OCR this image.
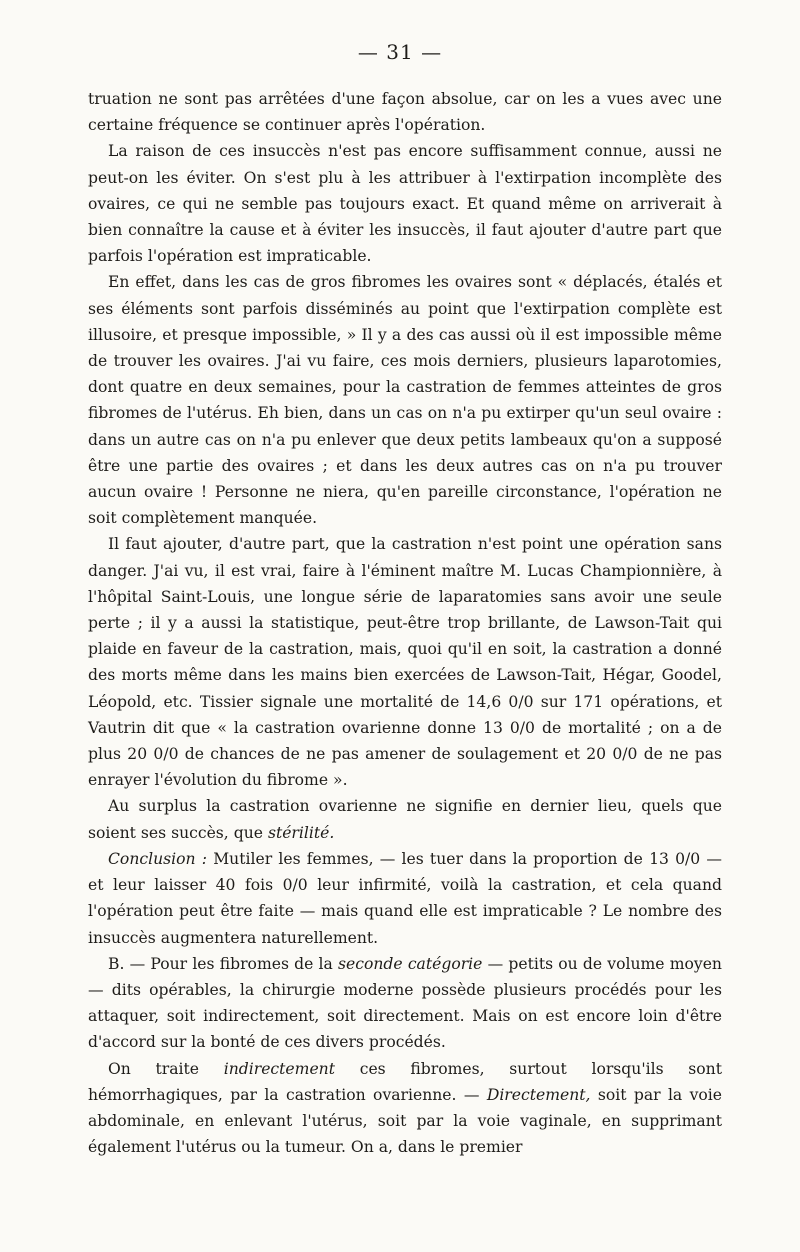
— 31 —

truation ne sont pas arrêtées d'une façon absolue, car on les a vues avec une certaine fréquence se continuer après l'opération.

La raison de ces insuccès n'est pas encore suffisamment connue, aussi ne peut-on les éviter. On s'est plu à les attribuer à l'extirpation incomplète des ovaires, ce qui ne semble pas toujours exact. Et quand même on arriverait à bien connaître la cause et à éviter les insuccès, il faut ajouter d'autre part que parfois l'opération est impraticable.

En effet, dans les cas de gros fibromes les ovaires sont « déplacés, étalés et ses éléments sont parfois disséminés au point que l'extirpation complète est illusoire, et presque impossible, » Il y a des cas aussi où il est impossible même de trouver les ovaires. J'ai vu faire, ces mois derniers, plusieurs laparotomies, dont quatre en deux semaines, pour la castration de femmes atteintes de gros fibromes de l'utérus. Eh bien, dans un cas on n'a pu extirper qu'un seul ovaire : dans un autre cas on n'a pu enlever que deux petits lambeaux qu'on a supposé être une partie des ovaires ; et dans les deux autres cas on n'a pu trouver aucun ovaire ! Personne ne niera, qu'en pareille circonstance, l'opération ne soit complètement manquée.

Il faut ajouter, d'autre part, que la castration n'est point une opération sans danger. J'ai vu, il est vrai, faire à l'éminent maître M. Lucas Championnière, à l'hôpital Saint-Louis, une longue série de laparatomies sans avoir une seule perte ; il y a aussi la statistique, peut-être trop brillante, de Lawson-Tait qui plaide en faveur de la castration, mais, quoi qu'il en soit, la castration a donné des morts même dans les mains bien exercées de Lawson-Tait, Hégar, Goodel, Léopold, etc. Tissier signale une mortalité de 14,6 0/0 sur 171 opérations, et Vautrin dit que « la castration ovarienne donne 13 0/0 de mortalité ; on a de plus 20 0/0 de chances de ne pas amener de soulagement et 20 0/0 de ne pas enrayer l'évolution du fibrome ».

Au surplus la castration ovarienne ne signifie en dernier lieu, quels que soient ses succès, que stérilité.

Conclusion : Mutiler les femmes, — les tuer dans la proportion de 13 0/0 — et leur laisser 40 fois 0/0 leur infirmité, voilà la castration, et cela quand l'opération peut être faite — mais quand elle est impraticable ? Le nombre des insuccès augmentera naturellement.

B. — Pour les fibromes de la seconde catégorie — petits ou de volume moyen — dits opérables, la chirurgie moderne possède plusieurs procédés pour les attaquer, soit indirectement, soit directement. Mais on est encore loin d'être d'accord sur la bonté de ces divers procédés.

On traite indirectement ces fibromes, surtout lorsqu'ils sont hémorrhagiques, par la castration ovarienne. — Directement, soit par la voie abdominale, en enlevant l'utérus, soit par la voie vaginale, en supprimant également l'utérus ou la tumeur. On a, dans le premier
